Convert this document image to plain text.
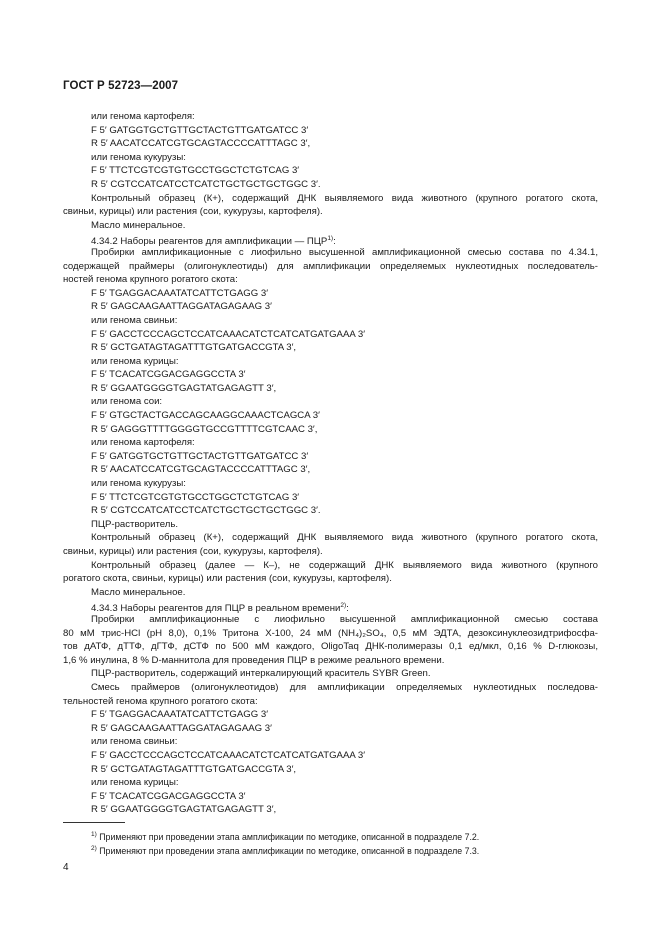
ГОСТ Р 52723—2007
или генома картофеля:
F 5′ GATGGTGCTGTTGCTACTGTTGATGATCC 3′
R 5′ AACATCCATCGTGCAGTACCCCATTTAGC 3′,
или генома кукурузы:
F 5′ TTCTCGTCGTGTGCCTGGCTCTGTCAG 3′
R 5′ CGTCCATCATCCTCATCTGCTGCTGCTGGC 3′.
Контрольный образец (К+), содержащий ДНК выявляемого вида животного (крупного рогатого скота,
свиньи, курицы) или растения (сои, кукурузы, картофеля).
Масло минеральное.
4.34.2 Наборы реагентов для амплификации — ПЦР$^{1)}$:
Пробирки амплификационные с лиофильно высушенной амплификационной смесью состава по 4.34.1,
содержащей праймеры (олигонуклеотиды) для амплификации определяемых нуклеотидных последователь-
ностей генома крупного рогатого скота:
F 5′ TGAGGACAAATATCATTCTGAGG 3′
R 5′ GAGCAAGAATTAGGATAGAGAAG 3′
или генома свиньи:
F 5′ GACCTCCCAGCTCCATCAAACATCTCATCATGATGAAA 3′
R 5′ GCTGATAGTAGATTTGTGATGACCGTA 3′,
или генома курицы:
F 5′ TCACATCGGACGAGGCCTA 3′
R 5′ GGAATGGGGTGAGTATGAGAGTT 3′,
или генома сои:
F 5′ GTGCTACTGACCAGCAAGGCAAACTCAGCA 3′
R 5′ GAGGGTTTTGGGGTGCCGTTTTCGTCAAC 3′,
или генома картофеля:
F 5′ GATGGTGCTGTTGCTACTGTTGATGATCC 3′
R 5′ AACATCCATCGTGCAGTACCCCATTTAGC 3′,
или генома кукурузы:
F 5′ TTCTCGTCGTGTGCCTGGCTCTGTCAG 3′
R 5′ CGTCCATCATCCTCATCTGCTGCTGCTGGC 3′.
ПЦР-растворитель.
Контрольный образец (К+), содержащий ДНК выявляемого вида животного (крупного рогатого скота,
свиньи, курицы) или растения (сои, кукурузы, картофеля).
Контрольный образец (далее — К–), не содержащий ДНК выявляемого вида животного (крупного
рогатого скота, свиньи, курицы) или растения (сои, кукурузы, картофеля).
Масло минеральное.
4.34.3 Наборы реагентов для ПЦР в реальном времени$^{2)}$:
Пробирки амплификационные с лиофильно высушенной амплификационной смесью состава
80 мМ трис-HCl (pH 8,0), 0,1% Тритона Х-100, 24 мМ (NH₄)₂SO₄, 0,5 мМ ЭДТА, дезоксинуклеозидтрифосфа-
тов дАТФ, дТТФ, дГТФ, дСТФ по 500 мМ каждого, OligoTaq ДНК-полимеразы 0,1 ед/мкл, 0,16 % D-глюкозы,
1,6 % инулина, 8 % D-маннитола для проведения ПЦР в режиме реального времени.
ПЦР-растворитель, содержащий интеркалирующий краситель SYBR Green.
Смесь праймеров (олигонуклеотидов) для амплификации определяемых нуклеотидных последова-
тельностей генома крупного рогатого скота:
F 5′ TGAGGACAAATATCATTCTGAGG 3′
R 5′ GAGCAAGAATTAGGATAGAGAAG 3′
или генома свиньи:
F 5′ GACCTCCCAGCTCCATCAAACATCTCATCATGATGAAA 3′
R 5′ GCTGATAGTAGATTTGTGATGACCGTA 3′,
или генома курицы:
F 5′ TCACATCGGACGAGGCCTA 3′
R 5′ GGAATGGGGTGAGTATGAGAGTT 3′,
$^{1)}$ Применяют при проведении этапа амплификации по методике, описанной в подразделе 7.2.
$^{2)}$ Применяют при проведении этапа амплификации по методике, описанной в подразделе 7.3.
4
